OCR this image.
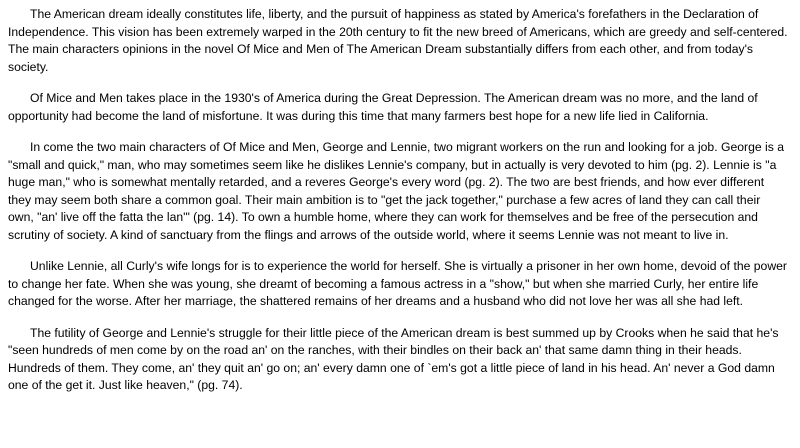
The American dream ideally constitutes life, liberty, and the pursuit of happiness as stated by America's forefathers in the Declaration of Independence. This vision has been extremely warped in the 20th century to fit the new breed of Americans, which are greedy and self-centered. The main characters opinions in the novel Of Mice and Men of The American Dream substantially differs from each other, and from today's society.

Of Mice and Men takes place in the 1930's of America during the Great Depression. The American dream was no more, and the land of opportunity had become the land of misfortune. It was during this time that many farmers best hope for a new life lied in California.

In come the two main characters of Of Mice and Men, George and Lennie, two migrant workers on the run and looking for a job. George is a "small and quick," man, who may sometimes seem like he dislikes Lennie's company, but in actually is very devoted to him (pg. 2). Lennie is "a huge man," who is somewhat mentally retarded, and a reveres George's every word (pg. 2). The two are best friends, and how ever different they may seem both share a common goal. Their main ambition is to "get the jack together," purchase a few acres of land they can call their own, "an' live off the fatta the lan'" (pg. 14). To own a humble home, where they can work for themselves and be free of the persecution and scrutiny of society. A kind of sanctuary from the flings and arrows of the outside world, where it seems Lennie was not meant to live in.

Unlike Lennie, all Curly's wife longs for is to experience the world for herself. She is virtually a prisoner in her own home, devoid of the power to change her fate. When she was young, she dreamt of becoming a famous actress in a "show," but when she married Curly, her entire life changed for the worse. After her marriage, the shattered remains of her dreams and a husband who did not love her was all she had left.

The futility of George and Lennie's struggle for their little piece of the American dream is best summed up by Crooks when he said that he's "seen hundreds of men come by on the road an' on the ranches, with their bindles on their back an' that same damn thing in their heads. Hundreds of them. They come, an' they quit an' go on; an' every damn one of `em's got a little piece of land in his head. An' never a God damn one of the get it. Just like heaven," (pg. 74).
